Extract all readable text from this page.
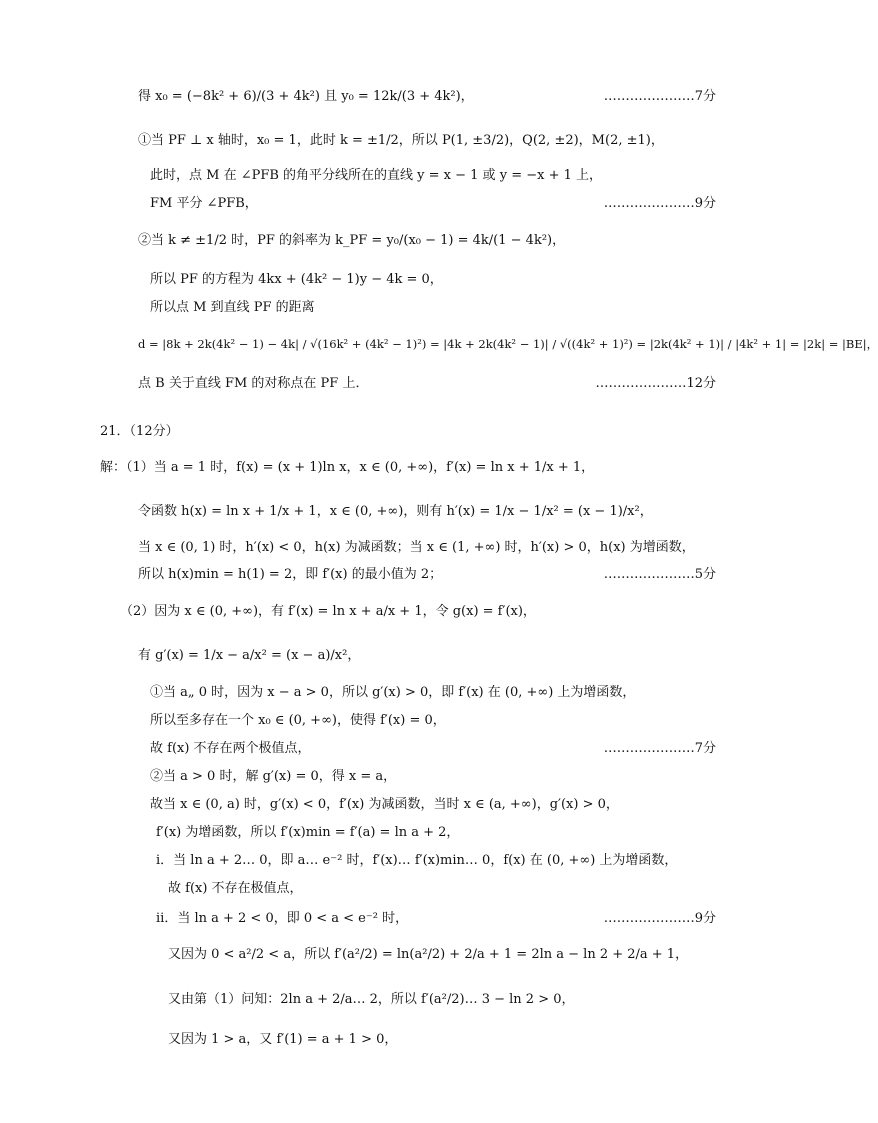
得 x₀ = (−8k² + 6)/(3 + 4k²) 且 y₀ = 12k/(3 + 4k²)，
①当 PF ⊥ x 轴时，x₀ = 1，此时 k = ±1/2，所以 P(1, ±3/2)，Q(2, ±2)，M(2, ±1)，
此时，点 M 在 ∠PFB 的角平分线所在的直线 y = x − 1 或 y = −x + 1 上，
FM 平分 ∠PFB，
②当 k ≠ ±1/2 时，PF 的斜率为 k_PF = y₀/(x₀ − 1) = 4k/(1 − 4k²)，
所以 PF 的方程为 4kx + (4k² − 1)y − 4k = 0，
所以点 M 到直线 PF 的距离
d = |8k + 2k(4k² − 1) − 4k| / √(16k² + (4k² − 1)²) = |4k + 2k(4k² − 1)| / √((4k² + 1)²) = |2k(4k² + 1)| / |4k² + 1| = |2k| = |BE|，
点 B 关于直线 FM 的对称点在 PF 上．
21．（12分）
解：（1）当 a = 1 时，f(x) = (x + 1)ln x，x ∈ (0, +∞)，f′(x) = ln x + 1/x + 1，
令函数 h(x) = ln x + 1/x + 1，x ∈ (0, +∞)，则有 h′(x) = 1/x − 1/x² = (x − 1)/x²，
当 x ∈ (0, 1) 时，h′(x) < 0，h(x) 为减函数；当 x ∈ (1, +∞) 时，h′(x) > 0，h(x) 为增函数，
所以 h(x)min = h(1) = 2，即 f′(x) 的最小值为 2；
（2）因为 x ∈ (0, +∞)，有 f′(x) = ln x + a/x + 1，令 g(x) = f′(x)，
有 g′(x) = 1/x − a/x² = (x − a)/x²，
①当 a„ 0 时，因为 x − a > 0，所以 g′(x) > 0，即 f′(x) 在 (0, +∞) 上为增函数，
所以至多存在一个 x₀ ∈ (0, +∞)，使得 f′(x) = 0，
故 f(x) 不存在两个极值点，
②当 a > 0 时，解 g′(x) = 0，得 x = a，
故当 x ∈ (0, a) 时，g′(x) < 0，f′(x) 为减函数，当时 x ∈ (a, +∞)，g′(x) > 0，
f′(x) 为增函数，所以 f′(x)min = f′(a) = ln a + 2，
ⅰ．当 ln a + 2… 0，即 a… e⁻² 时，f′(x)… f′(x)min… 0，f(x) 在 (0, +∞) 上为增函数，
故 f(x) 不存在极值点，
ⅱ．当 ln a + 2 < 0，即 0 < a < e⁻² 时，
又因为 0 < a²/2 < a，所以 f′(a²/2) = ln(a²/2) + 2/a + 1 = 2ln a − ln 2 + 2/a + 1，
又由第（1）问知：2ln a + 2/a… 2，所以 f′(a²/2)… 3 − ln 2 > 0，
又因为 1 > a，又 f′(1) = a + 1 > 0，
…………………7分
…………………9分
…………………12分
…………………5分
…………………7分
…………………9分
